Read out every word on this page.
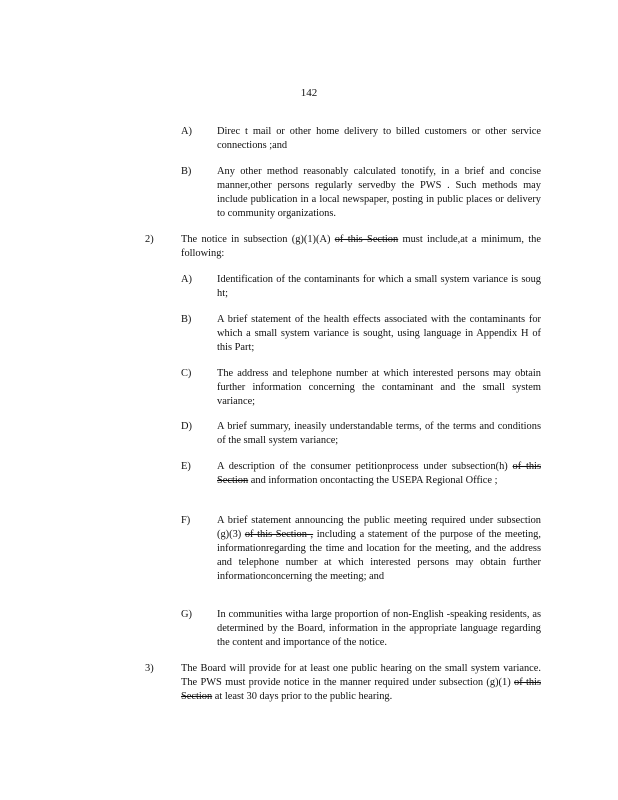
142
A) Direc t mail or other home delivery to billed customers or other service connections ;and

B) Any other method reasonably calculated tonotify, in a brief and concise manner,other persons regularly servedby the PWS . Such methods may include publication in a local newspaper, posting in public places or delivery to community organizations.

2)	The notice in subsection (g)(1)(A) of this Section must include,at a minimum, the following:

A) Identification of the contaminants for which a small system variance is soug ht;

B) A brief statement of the health effects associated with the contaminants for which a small system variance is sought, using language in Appendix H of this Part;

C) The address and telephone number at which interested persons may obtain further information concerning the contaminant and the small system variance;

D) A brief summary, ineasily understandable terms, of the terms and conditions of the small system variance;

E)	A description of the consumer petitionprocess under subsection(h) of this Section and information oncontacting the USEPA Regional Office ;

F)	A brief statement announcing the public meeting required under subsection (g)(3) of this Section , including a statement of the purpose of the meeting, informationregarding the time and location for the meeting, and the address and telephone number at which interested persons may obtain further informationconcerning the meeting; and

G) In communities witha large proportion of non-English -speaking residents, as determined by the Board, information in the appropriate language regarding the content and importance of the notice.

3)	The Board will provide for at least one public hearing on the small system variance. The PWS must provide notice in the manner required under subsection (g)(1) of this Section at least 30 days prior to the public hearing.
